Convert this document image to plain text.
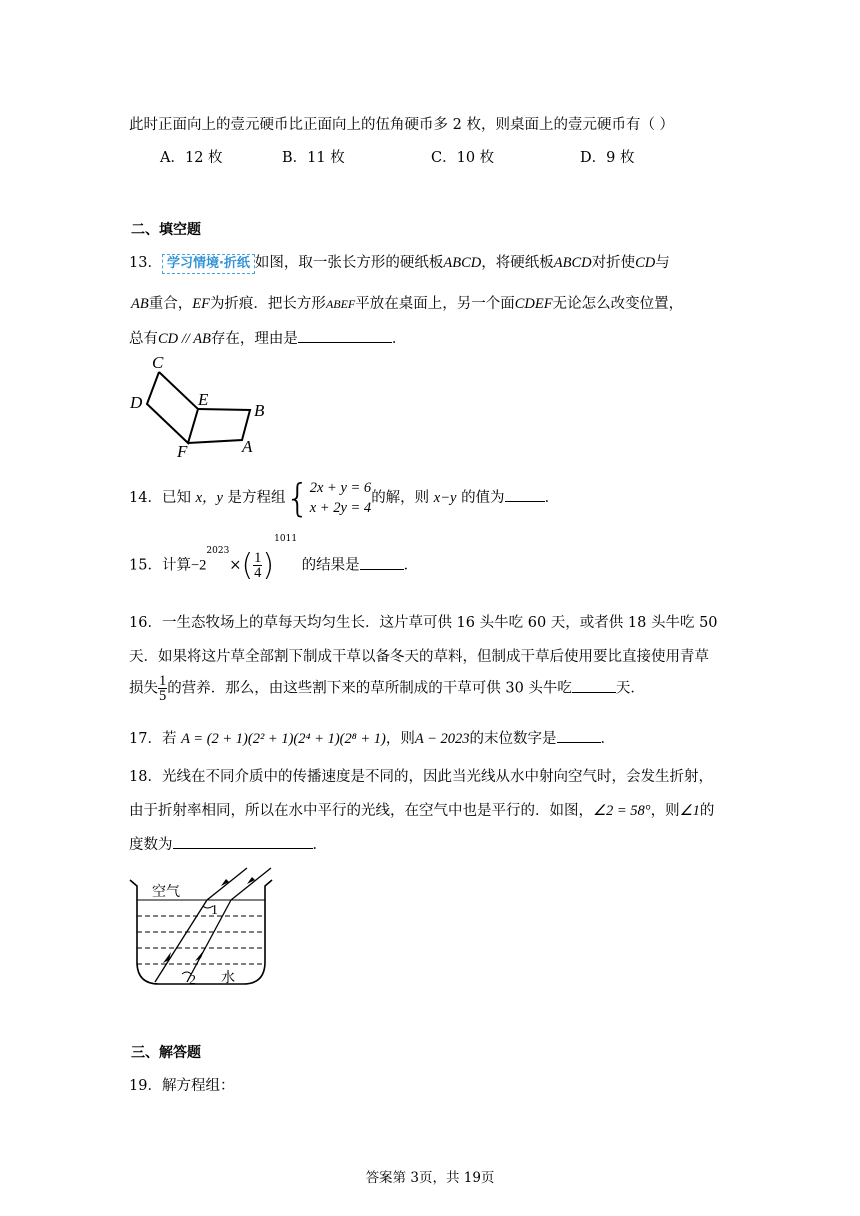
此时正面向上的壹元硬币比正面向上的伍角硬币多 2 枚，则桌面上的壹元硬币有（ ）
A．12 枚	B．11 枚	C．10 枚	D．9 枚
二、填空题
13． 学习情境·折纸 如图，取一张长方形的硬纸板ABCD，将硬纸板ABCD对折使CD与
AB重合，EF为折痕．把长方形ABEF平放在桌面上，另一个面CDEF无论怎么改变位置，
总有CD // AB存在，理由是	．
C
D	E
B
F	A
14．已知 x，y 是方程组{ 2x + y = 6
x + 2y = 4
的解，则 x−y 的值为	．
15．计算$-2^{2023}\times( \frac{1}{4} )^{1011}$ 的结果是	．
16．一生态牧场上的草每天均匀生长．这片草可供 16 头牛吃 60 天，或者供 18 头牛吃 50
天．如果将这片草全部割下制成干草以备冬天的草料，但制成干草后使用要比直接使用青草
损失 $\frac{1}{5}$ 的营养．那么，由这些割下来的草所制成的干草可供 30 头牛吃	天．
17．若 A = (2 + 1)(2² + 1)(2⁴ + 1)(2⁸ + 1)，则A − 2023的末位数字是	．
18．光线在不同介质中的传播速度是不同的，因此当光线从水中射向空气时，会发生折射，
由于折射率相同，所以在水中平行的光线，在空气中也是平行的．如图，∠2 = 58°，则∠1的
度数为	．
空气
水
1
2
三、解答题
19．解方程组：
答案第 3页，共 19页
